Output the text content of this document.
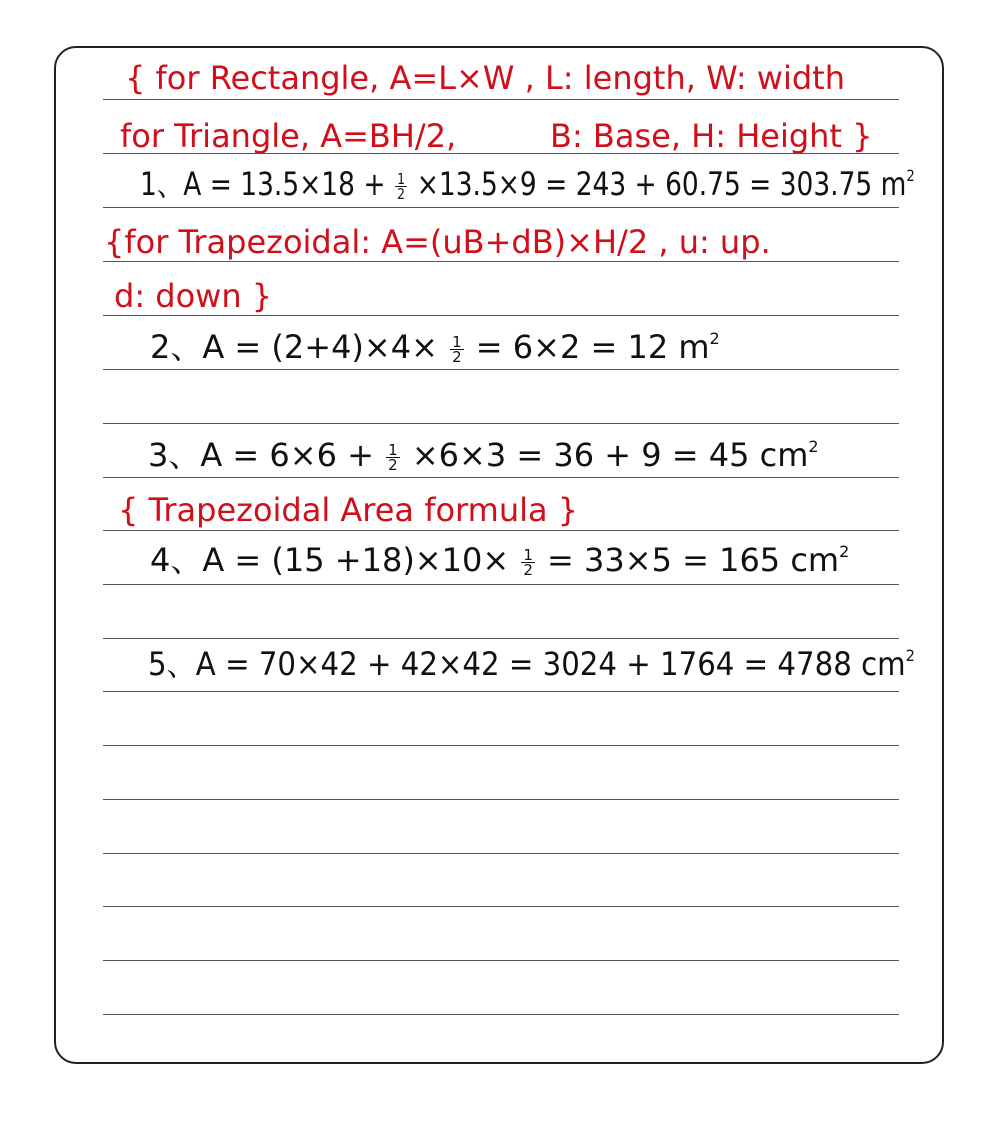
{ for Rectangle, A=L×W , L: length, W: width
for Triangle, A=BH/2,	B: Base, H: Height }
{for Trapezoidal: A=(uB+dB)×H/2 , u: up.
d: down }
{ Trapezoidal Area formula }
1、$A = 13.5\times 18 + \frac{1}{2} \times 13.5\times 9 = 243 + 60.75 = 303.75$ $m^2$
2、$A = (2+4)\times 4\times \frac{1}{2} = 6\times 2 = 12$ $m^2$
3、$A = 6\times 6 + \frac{1}{2} \times 6\times 3 = 36 + 9 = 45$ $cm^2$
4、$A = (15 +18)\times 10\times \frac{1}{2} = 33\times 5 = 165$ $cm^2$
5、A = 70×42 + 42×42 = 3024 + 1764 = 4788 $cm^2$
